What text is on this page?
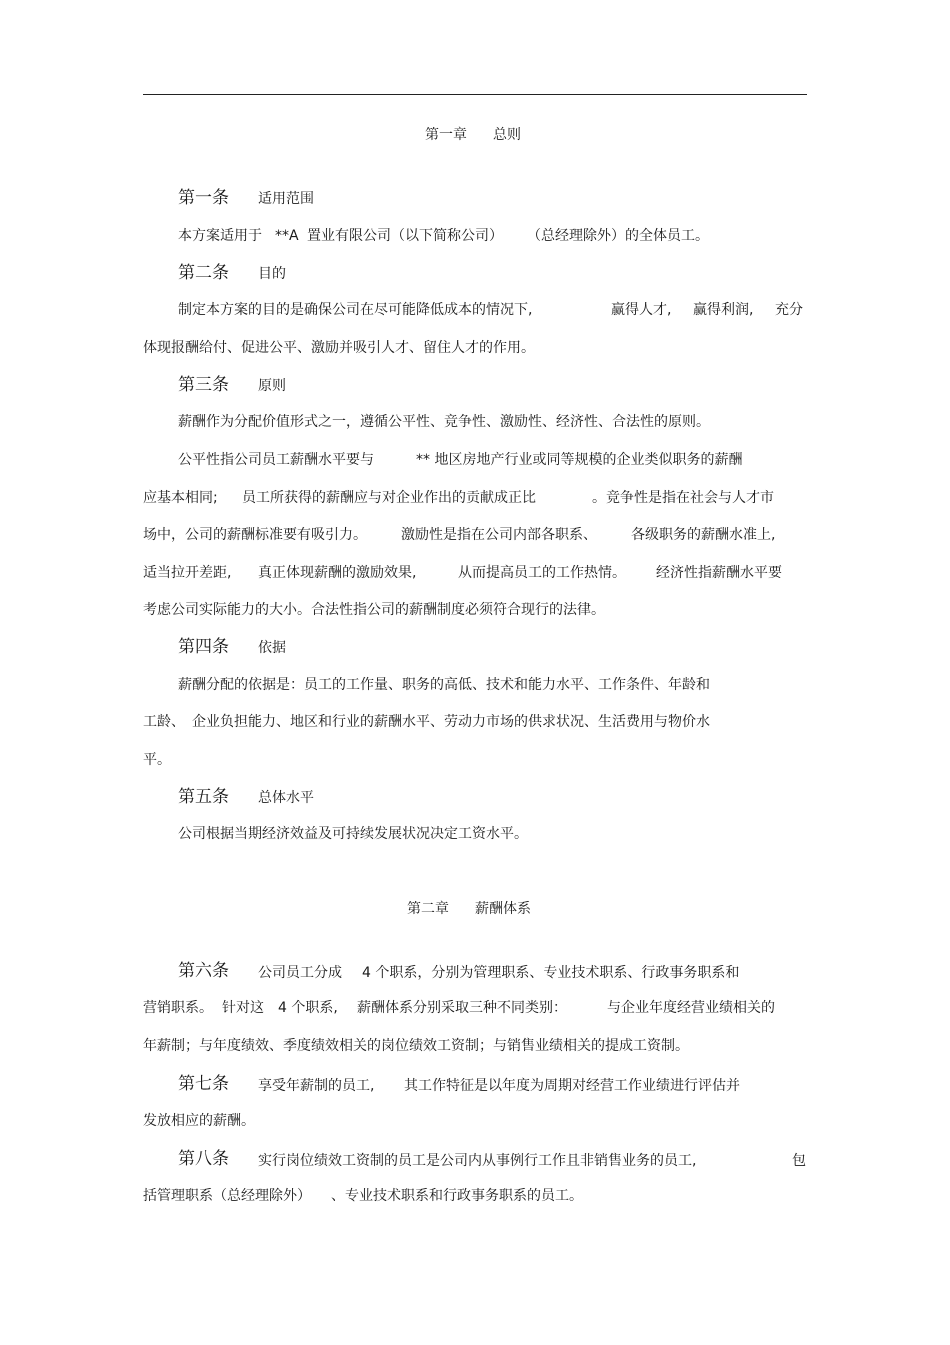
第一章 总则
第一条 适用范围
本方案适用于 **A 置业有限公司（以下简称公司） （总经理除外）的全体员工。
第二条 目的
制定本方案的目的是确保公司在尽可能降低成本的情况下,	赢得人才, 赢得利润, 充分
体现报酬给付、促进公平、激励并吸引人才、留住人才的作用。
第三条 原则
薪酬作为分配价值形式之一，遵循公平性、竞争性、激励性、经济性、合法性的原则。
公平性指公司员工薪酬水平要与	** 地区房地产行业或同等规模的企业类似职务的薪酬
应基本相同; 员工所获得的薪酬应与对企业作出的贡献成正比	。竞争性是指在社会与人才市
场中，公司的薪酬标准要有吸引力。 激励性是指在公司内部各职系、 各级职务的薪酬水准上,
适当拉开差距, 真正体现薪酬的激励效果,	从而提高员工的工作热情。 经济性指薪酬水平要
考虑公司实际能力的大小。合法性指公司的薪酬制度必须符合现行的法律。
第四条 依据
薪酬分配的依据是：员工的工作量、职务的高低、技术和能力水平、工作条件、年龄和
工龄、 企业负担能力、地区和行业的薪酬水平、劳动力市场的供求状况、生活费用与物价水
平。
第五条 总体水平
公司根据当期经济效益及可持续发展状况决定工资水平。
第二章 薪酬体系
第六条 公司员工分成 4 个职系，分别为管理职系、专业技术职系、行政事务职系和
营销职系。 针对这 4 个职系, 薪酬体系分别采取三种不同类别：	与企业年度经营业绩相关的
年薪制；与年度绩效、季度绩效相关的岗位绩效工资制；与销售业绩相关的提成工资制。
第七条 享受年薪制的员工, 其工作特征是以年度为周期对经营工作业绩进行评估并
发放相应的薪酬。
第八条 实行岗位绩效工资制的员工是公司内从事例行工作且非销售业务的员工,	包
括管理职系（总经理除外） 、专业技术职系和行政事务职系的员工。
